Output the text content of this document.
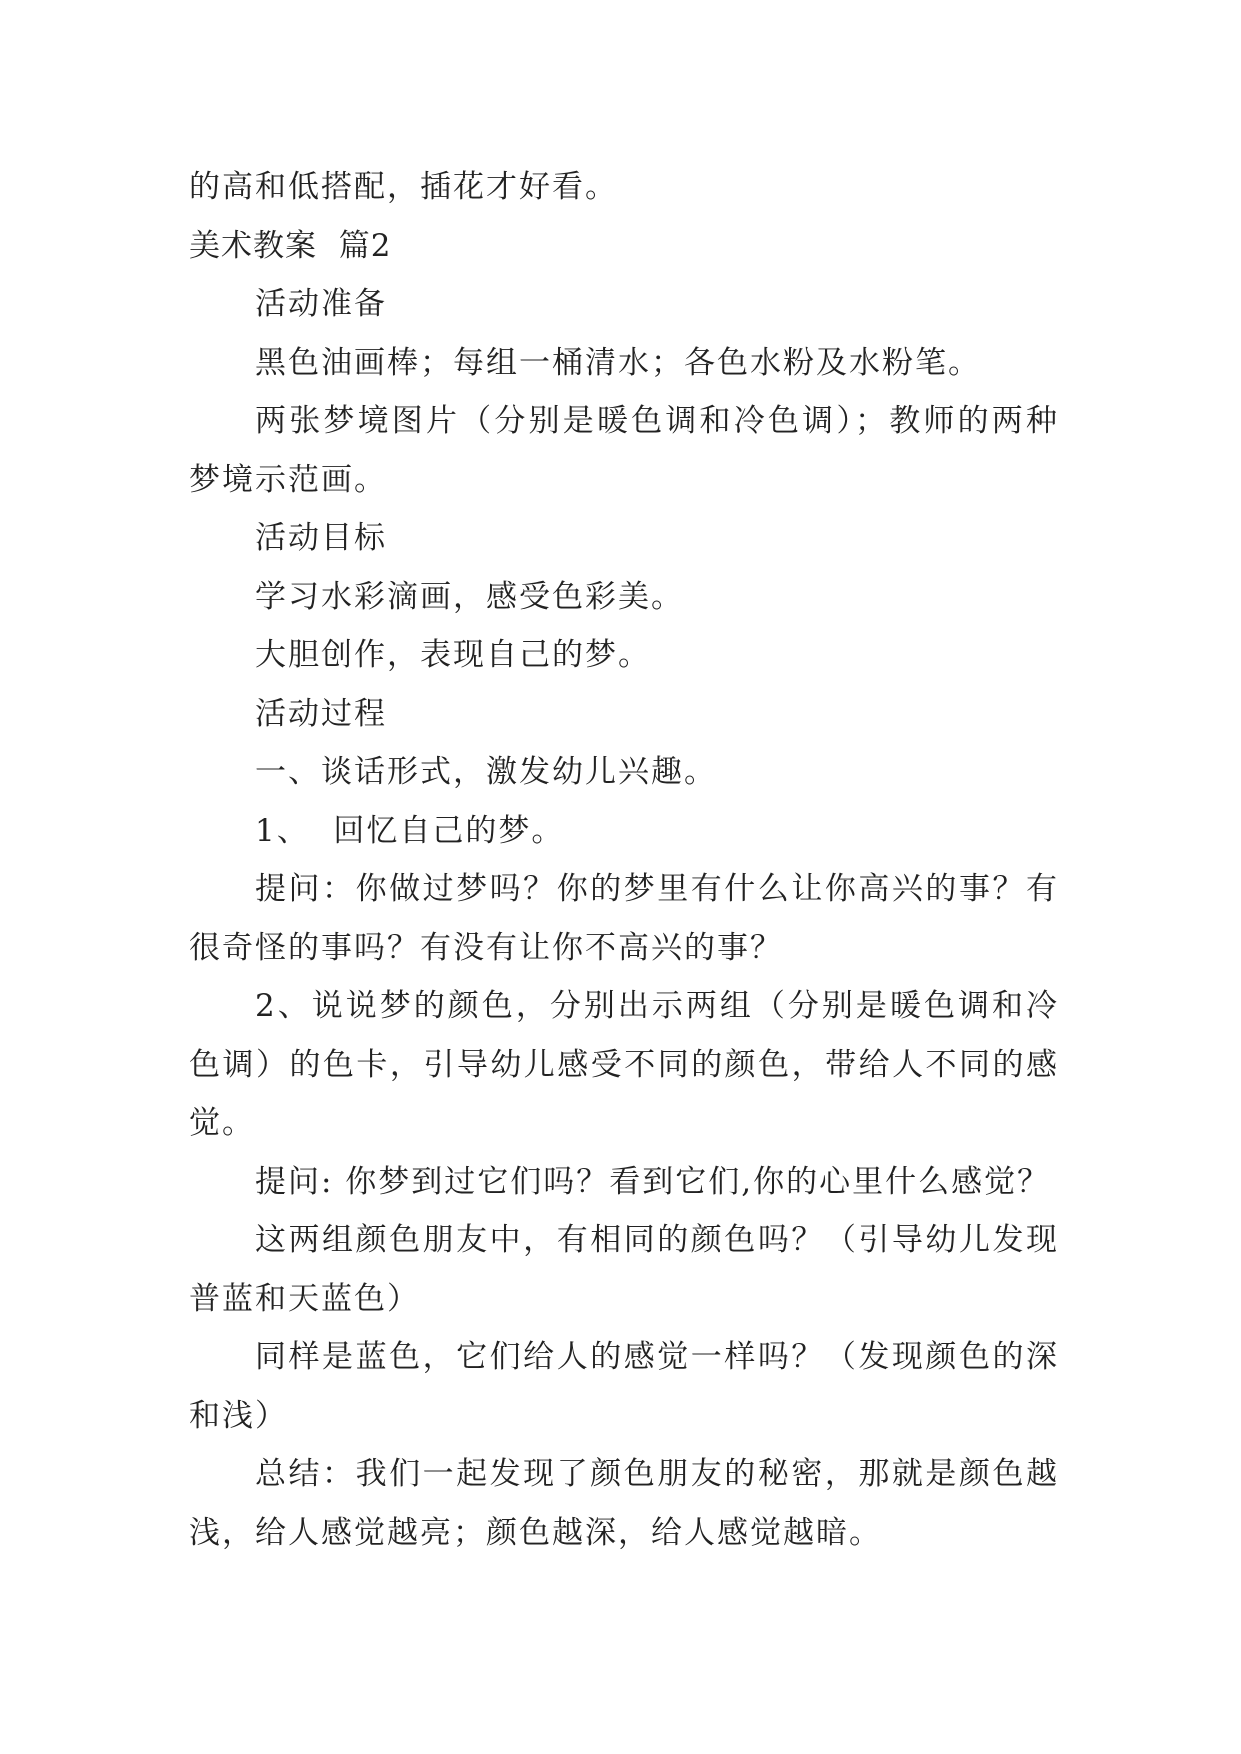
的高和低搭配，插花才好看。

美术教案  篇2

活动准备

黑色油画棒；每组一桶清水；各色水粉及水粉笔。

两张梦境图片（分别是暖色调和冷色调）；教师的两种梦境示范画。

活动目标

学习水彩滴画，感受色彩美。

大胆创作，表现自己的梦。

活动过程

一、谈话形式，激发幼儿兴趣。

1、  回忆自己的梦。

提问：你做过梦吗？你的梦里有什么让你高兴的事？有很奇怪的事吗？有没有让你不高兴的事？

2、说说梦的颜色，分别出示两组（分别是暖色调和冷色调）的色卡，引导幼儿感受不同的颜色，带给人不同的感觉。

提问: 你梦到过它们吗？看到它们,你的心里什么感觉？

这两组颜色朋友中，有相同的颜色吗？（引导幼儿发现普蓝和天蓝色）

同样是蓝色，它们给人的感觉一样吗？（发现颜色的深和浅）

总结：我们一起发现了颜色朋友的秘密，那就是颜色越浅，给人感觉越亮；颜色越深，给人感觉越暗。
